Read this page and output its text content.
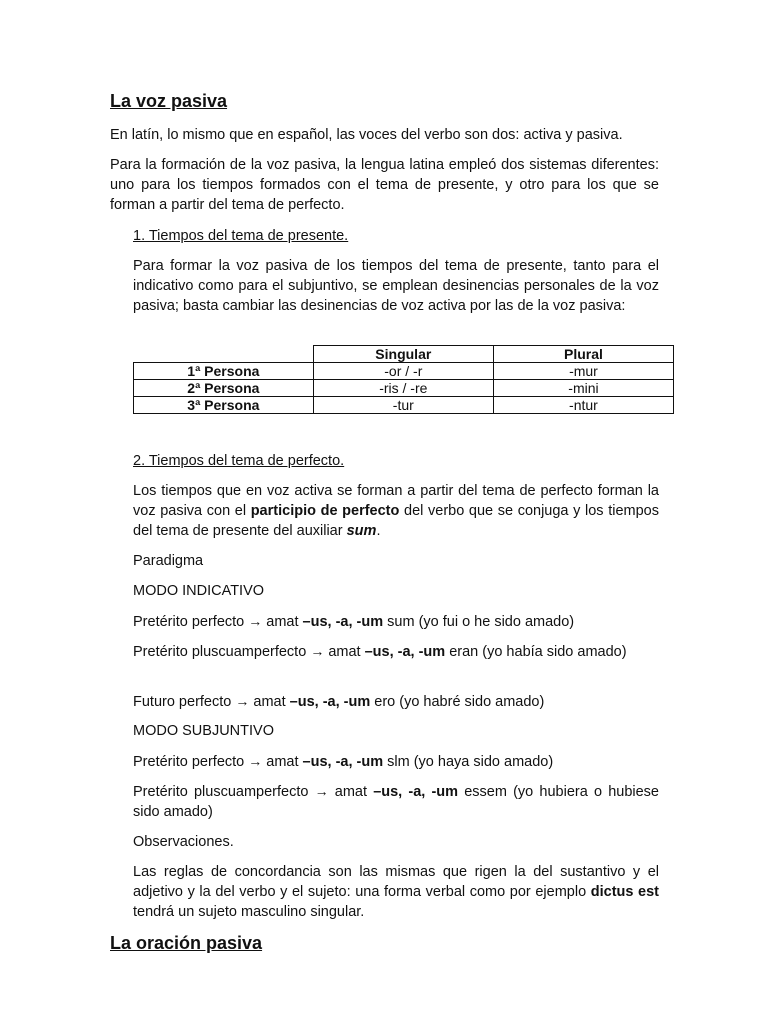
La voz pasiva

En latín, lo mismo que en español, las voces del verbo son dos: activa y pasiva.

Para la formación de la voz pasiva, la lengua latina empleó dos sistemas diferentes: uno para los tiempos formados con el tema de presente, y otro para los que se forman a partir del tema de perfecto.

1. Tiempos del tema de presente.

Para formar la voz pasiva de los tiempos del tema de presente, tanto para el indicativo como para el subjuntivo, se emplean desinencias personales de la voz pasiva; basta cambiar las desinencias de voz activa por las de la voz pasiva:

	Singular	Plural
1ª Persona	-or / -r	-mur
2ª Persona	-ris / -re	-mini
3ª Persona	-tur	-ntur

2. Tiempos del tema de perfecto.

Los tiempos que en voz activa se forman a partir del tema de perfecto forman la voz pasiva con el participio de perfecto del verbo que se conjuga y los tiempos del tema de presente del auxiliar sum.

Paradigma

MODO INDICATIVO

Pretérito perfecto → amat –us, -a, -um sum (yo fui o he sido amado)

Pretérito pluscuamperfecto → amat –us, -a, -um eran (yo había sido amado)

Futuro perfecto → amat –us, -a, -um ero (yo habré sido amado)

MODO SUBJUNTIVO

Pretérito perfecto → amat –us, -a, -um slm (yo haya sido amado)

Pretérito pluscuamperfecto → amat –us, -a, -um essem (yo hubiera o hubiese sido amado)

Observaciones.

Las reglas de concordancia son las mismas que rigen la del sustantivo y el adjetivo y la del verbo y el sujeto: una forma verbal como por ejemplo dictus est     tendrá un sujeto masculino singular.

La oración pasiva
